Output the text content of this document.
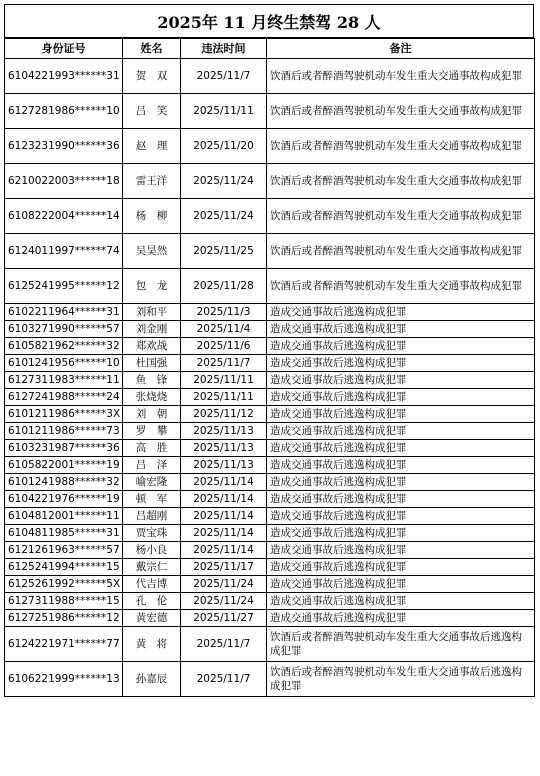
2025年 11 月终生禁驾 28 人
身份证号	姓名	违法时间	备注
6104221993******31	贺　双	2025/11/7	饮酒后或者醉酒驾驶机动车发生重大交通事故构成犯罪
6127281986******10	吕　笑	2025/11/11	饮酒后或者醉酒驾驶机动车发生重大交通事故构成犯罪
6123231990******36	赵　理	2025/11/20	饮酒后或者醉酒驾驶机动车发生重大交通事故构成犯罪
6210022003******18	雷王洋	2025/11/24	饮酒后或者醉酒驾驶机动车发生重大交通事故构成犯罪
6108222004******14	杨　柳	2025/11/24	饮酒后或者醉酒驾驶机动车发生重大交通事故构成犯罪
6124011997******74	吴昊然	2025/11/25	饮酒后或者醉酒驾驶机动车发生重大交通事故构成犯罪
6125241995******12	包　龙	2025/11/28	饮酒后或者醉酒驾驶机动车发生重大交通事故构成犯罪
6102211964******31	刘和平	2025/11/3	造成交通事故后逃逸构成犯罪
6103271990******57	刘金刚	2025/11/4	造成交通事故后逃逸构成犯罪
6105821962******32	郑欢战	2025/11/6	造成交通事故后逃逸构成犯罪
6101241956******10	杜国强	2025/11/7	造成交通事故后逃逸构成犯罪
6127311983******11	鱼　锋	2025/11/11	造成交通事故后逃逸构成犯罪
6127241988******24	张烧烧	2025/11/11	造成交通事故后逃逸构成犯罪
6101211986******3X	刘　朝	2025/11/12	造成交通事故后逃逸构成犯罪
6101211986******73	罗　攀	2025/11/13	造成交通事故后逃逸构成犯罪
6103231987******36	高　胜	2025/11/13	造成交通事故后逃逸构成犯罪
6105822001******19	吕　泽	2025/11/13	造成交通事故后逃逸构成犯罪
6101241988******32	喻宏隆	2025/11/14	造成交通事故后逃逸构成犯罪
6104221976******19	顿　军	2025/11/14	造成交通事故后逃逸构成犯罪
6104812001******11	吕超刚	2025/11/14	造成交通事故后逃逸构成犯罪
6104811985******31	贾宝珠	2025/11/14	造成交通事故后逃逸构成犯罪
6121261963******57	杨小良	2025/11/14	造成交通事故后逃逸构成犯罪
6125241994******15	戴宗仁	2025/11/17	造成交通事故后逃逸构成犯罪
6125261992******5X	代吉博	2025/11/24	造成交通事故后逃逸构成犯罪
6127311988******15	孔　伦	2025/11/24	造成交通事故后逃逸构成犯罪
6127251986******12	黄宏德	2025/11/27	造成交通事故后逃逸构成犯罪
6124221971******77	黄　将	2025/11/7	饮酒后或者醉酒驾驶机动车发生重大交通事故后逃逸构成犯罪
6106221999******13	孙嘉辰	2025/11/7	饮酒后或者醉酒驾驶机动车发生重大交通事故后逃逸构成犯罪
